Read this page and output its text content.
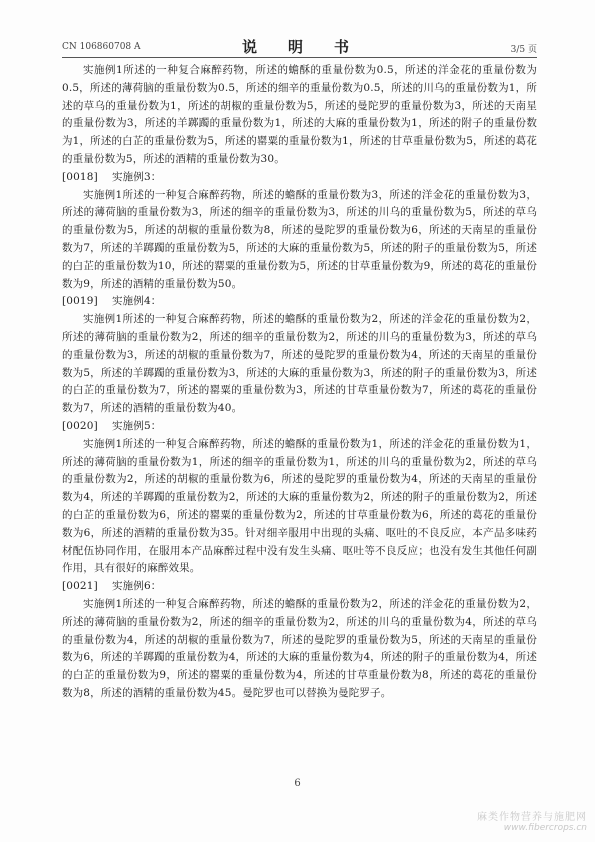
CN 106860708 A	说　明　书	3/5 页

实施例1所述的一种复合麻醉药物，所述的蟾酥的重量份数为0.5，所述的洋金花的重量份数为0.5，所述的薄荷脑的重量份数为0.5，所述的细辛的重量份数为0.5，所述的川乌的重量份数为1，所述的草乌的重量份数为1，所述的胡椒的重量份数为5，所述的曼陀罗的重量份数为3，所述的天南星的重量份数为3，所述的羊踯躅的重量份数为1，所述的大麻的重量份数为1，所述的附子的重量份数为1，所述的白芷的重量份数为5，所述的罂粟的重量份数为1，所述的甘草重量份数为5，所述的葛花的重量份数为5，所述的酒精的重量份数为30。

[0018] 实施例3：

实施例1所述的一种复合麻醉药物，所述的蟾酥的重量份数为3，所述的洋金花的重量份数为3，所述的薄荷脑的重量份数为3，所述的细辛的重量份数为3，所述的川乌的重量份数为5，所述的草乌的重量份数为5，所述的胡椒的重量份数为8，所述的曼陀罗的重量份数为6，所述的天南星的重量份数为7，所述的羊踯躅的重量份数为5，所述的大麻的重量份数为5，所述的附子的重量份数为5，所述的白芷的重量份数为10，所述的罂粟的重量份数为5，所述的甘草重量份数为9，所述的葛花的重量份数为9，所述的酒精的重量份数为50。

[0019] 实施例4：

实施例1所述的一种复合麻醉药物，所述的蟾酥的重量份数为2，所述的洋金花的重量份数为2，所述的薄荷脑的重量份数为2，所述的细辛的重量份数为2，所述的川乌的重量份数为3，所述的草乌的重量份数为3，所述的胡椒的重量份数为7，所述的曼陀罗的重量份数为4，所述的天南星的重量份数为5，所述的羊踯躅的重量份数为3，所述的大麻的重量份数为3，所述的附子的重量份数为3，所述的白芷的重量份数为7，所述的罂粟的重量份数为3，所述的甘草重量份数为7，所述的葛花的重量份数为7，所述的酒精的重量份数为40。

[0020] 实施例5：

实施例1所述的一种复合麻醉药物，所述的蟾酥的重量份数为1，所述的洋金花的重量份数为1，所述的薄荷脑的重量份数为1，所述的细辛的重量份数为1，所述的川乌的重量份数为2，所述的草乌的重量份数为2，所述的胡椒的重量份数为6，所述的曼陀罗的重量份数为4，所述的天南星的重量份数为4，所述的羊踯躅的重量份数为2，所述的大麻的重量份数为2，所述的附子的重量份数为2，所述的白芷的重量份数为6，所述的罂粟的重量份数为2，所述的甘草重量份数为6，所述的葛花的重量份数为6，所述的酒精的重量份数为35。针对细辛服用中出现的头痛、呕吐的不良反应，本产品多味药材配伍协同作用，在服用本产品麻醉过程中没有发生头痛、呕吐等不良反应；也没有发生其他任何副作用，具有很好的麻醉效果。

[0021] 实施例6：

实施例1所述的一种复合麻醉药物，所述的蟾酥的重量份数为2，所述的洋金花的重量份数为2，所述的薄荷脑的重量份数为2，所述的细辛的重量份数为2，所述的川乌的重量份数为4，所述的草乌的重量份数为4，所述的胡椒的重量份数为7，所述的曼陀罗的重量份数为5，所述的天南星的重量份数为6，所述的羊踯躅的重量份数为4，所述的大麻的重量份数为4，所述的附子的重量份数为4，所述的白芷的重量份数为9，所述的罂粟的重量份数为4，所述的甘草重量份数为8，所述的葛花的重量份数为8，所述的酒精的重量份数为45。曼陀罗也可以替换为曼陀罗子。

6
麻类作物营养与施肥网
www.fibercrops.cn
